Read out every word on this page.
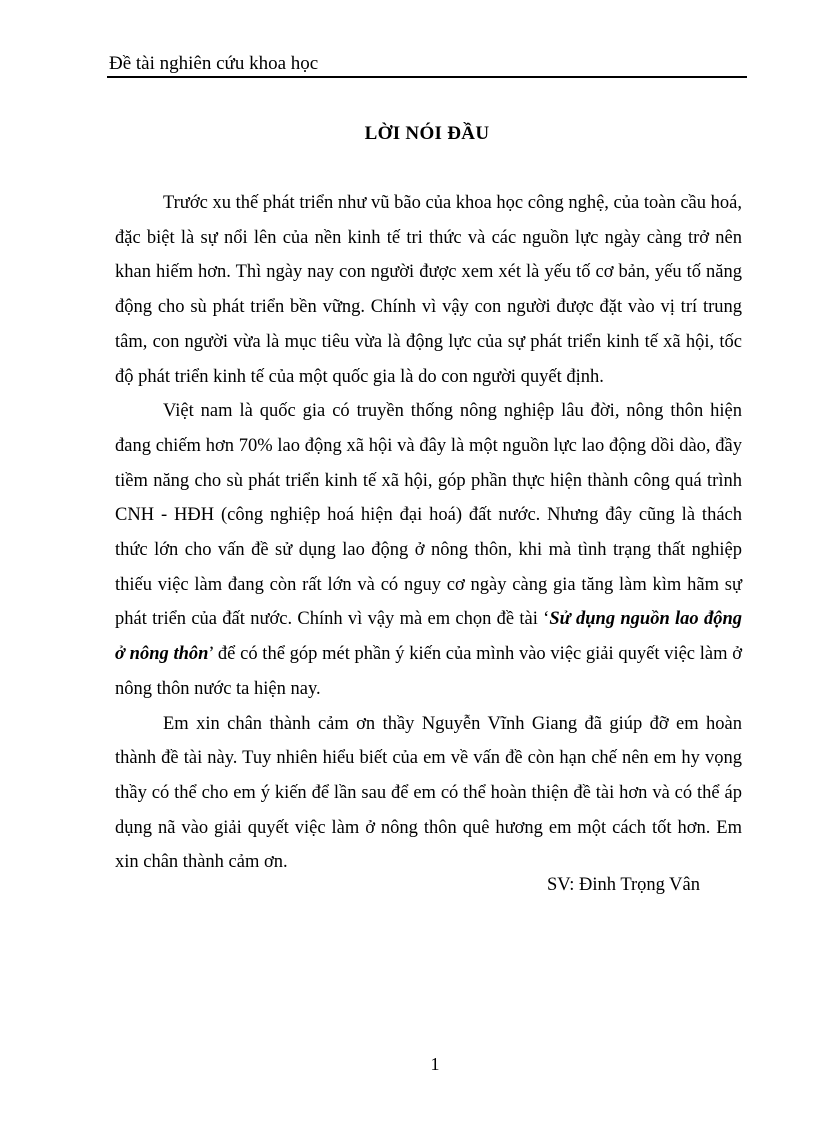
Đề tài nghiên cứu khoa học
LỜI NÓI ĐẦU

Trước xu thế phát triển như vũ bão của khoa học công nghệ, của toàn cầu hoá, đặc biệt là sự nổi lên của nền kinh tế tri thức và các nguồn lực ngày càng trở nên khan hiếm hơn. Thì ngày nay con người được xem xét là yếu tố cơ bản, yếu tố năng động cho sù phát triển bền vững. Chính vì vậy con người được đặt vào vị trí trung tâm, con người vừa là mục tiêu vừa là động lực của sự phát triển kinh tế xã hội, tốc độ phát triển kinh tế của một quốc gia là do con người quyết định.

Việt nam là quốc gia có truyền thống nông nghiệp lâu đời, nông thôn hiện đang chiếm hơn 70% lao động xã hội và đây là một nguồn lực lao động dồi dào, đầy tiềm năng cho sù phát triển kinh tế xã hội, góp phần thực hiện thành công quá trình CNH - HĐH (công nghiệp hoá hiện đại hoá) đất nước. Nhưng đây cũng là thách thức lớn cho vấn đề sử dụng lao động ở nông thôn, khi mà tình trạng thất nghiệp thiếu việc làm đang còn rất lớn và có nguy cơ ngày càng gia tăng làm kìm hãm sự phát triển của đất nước. Chính vì vậy mà em chọn đề tài ‘Sử dụng nguồn lao động ở nông thôn’ để có thể góp mét phần ý kiến của mình vào việc giải quyết việc làm ở nông thôn nước ta hiện nay.

Em xin chân thành cảm ơn thầy Nguyễn Vĩnh Giang đã giúp đỡ em hoàn thành đề tài này. Tuy nhiên hiểu biết của em về vấn đề còn hạn chế nên em hy vọng thầy có thể cho em ý kiến để lần sau để em có thể hoàn thiện đề tài hơn và có thể áp dụng nã vào giải quyết việc làm ở nông thôn quê hương em một cách tốt hơn. Em xin chân thành cảm ơn.

SV: Đinh Trọng Vân
1
